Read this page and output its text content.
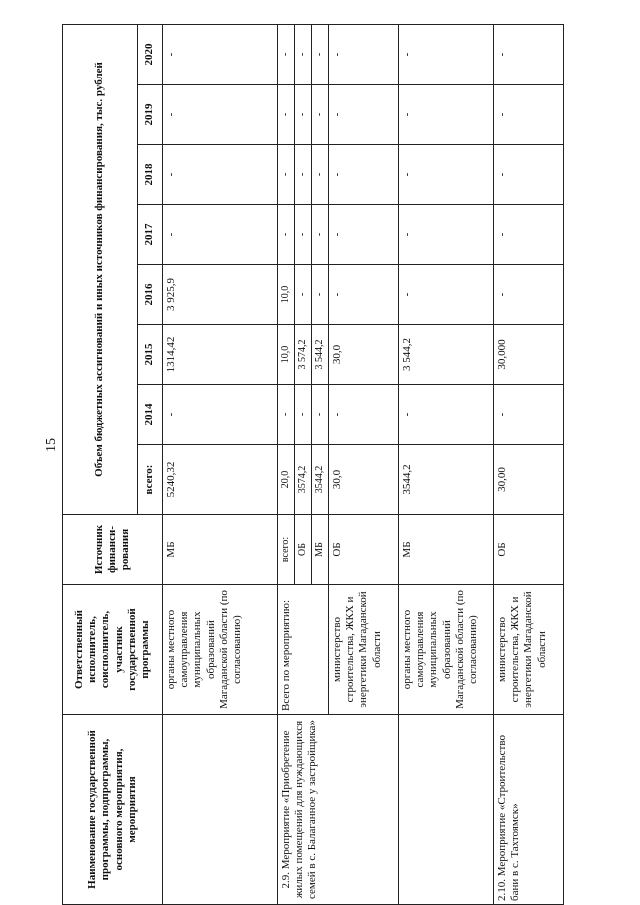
15
Наименование государственной программы, подпрограммы, основного мероприятия, мероприятия	Ответственный исполнитель, соисполнитель, участник государственной программы	Источник финанси-рования	Объем бюджетных ассигнований и иных источников финансирования, тыс. рублей							
			всего:	2014	2015	2016	2017	2018	2019	2020
	органы местного самоуправления муниципальных образований Магаданской области (по согласованию)	МБ	5240,32	-	1314,42	3 925,9	-	-	-	-
2.9. Мероприятие «Приобретение жилых помещений для нуждающихся семей в с. Балаганное у застройщика»	Всего по мероприятию:	всего:	20,0	-	10,0	10,0	-	-	-	-
		ОБ	3574,2	-	3 574,2	-	-	-	-	-
		МБ	3544,2	-	3 544,2	-	-	-	-	-
	министерство строительства, ЖКХ и энергетики Магаданской области	ОБ	30,0	-	30,0	-	-	-	-	-
	органы местного самоуправления муниципальных образований Магаданской области (по согласованию)	МБ	3544,2	-	3 544,2	-	-	-	-	-
2.10. Мероприятие «Строительство бани в с. Тахтоямск»	министерство строительства, ЖКХ и энергетики Магаданской области	ОБ	30,00	-	30,000	-	-	-	-	-
